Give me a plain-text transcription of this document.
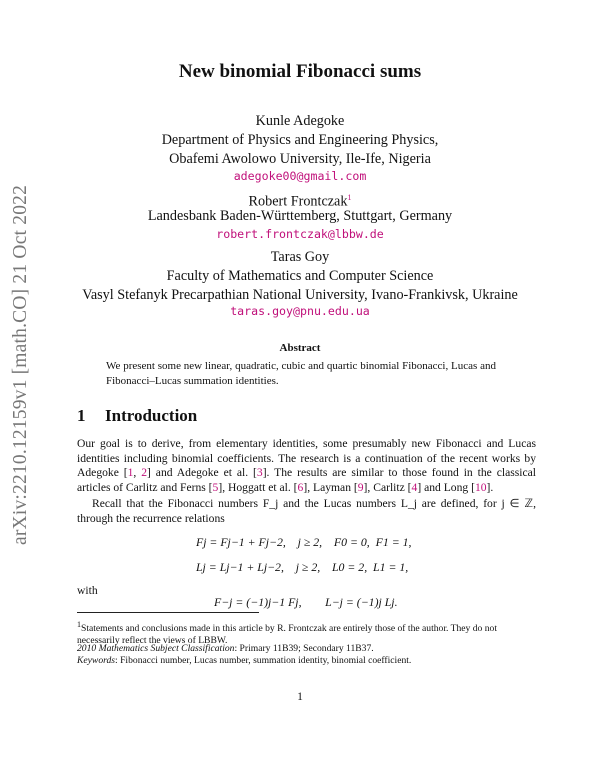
arXiv:2210.12159v1 [math.CO] 21 Oct 2022
New binomial Fibonacci sums
Kunle Adegoke
Department of Physics and Engineering Physics,
Obafemi Awolowo University, Ile-Ife, Nigeria
adegoke00@gmail.com
Robert Frontczak$^1$
Landesbank Baden-Württemberg, Stuttgart, Germany
robert.frontczak@lbbw.de
Taras Goy
Faculty of Mathematics and Computer Science
Vasyl Stefanyk Precarpathian National University, Ivano-Frankivsk, Ukraine
taras.goy@pnu.edu.ua
Abstract
We present some new linear, quadratic, cubic and quartic binomial Fibonacci, Lucas and Fibonacci–Lucas summation identities.
1 Introduction
Our goal is to derive, from elementary identities, some presumably new Fibonacci and Lucas identities including binomial coefficients. The research is a continuation of the recent works by Adegoke [1, 2] and Adegoke et al. [3]. The results are similar to those found in the classical articles of Carlitz and Ferns [5], Hoggatt et al. [6], Layman [9], Carlitz [4] and Long [10].
Recall that the Fibonacci numbers F_j and the Lucas numbers L_j are defined, for j ∈ ℤ, through the recurrence relations
Fj = Fj−1 + Fj−2,    j ≥ 2,    F0 = 0,  F1 = 1,
Lj = Lj−1 + Lj−2,    j ≥ 2,    L0 = 2,  L1 = 1,
with
F−j = (−1)j−1 Fj,        L−j = (−1)j Lj.
$^1$Statements and conclusions made in this article by R. Frontczak are entirely those of the author. They do not necessarily reflect the views of LBBW.
2010 Mathematics Subject Classification: Primary 11B39; Secondary 11B37.
Keywords: Fibonacci number, Lucas number, summation identity, binomial coefficient.
1
